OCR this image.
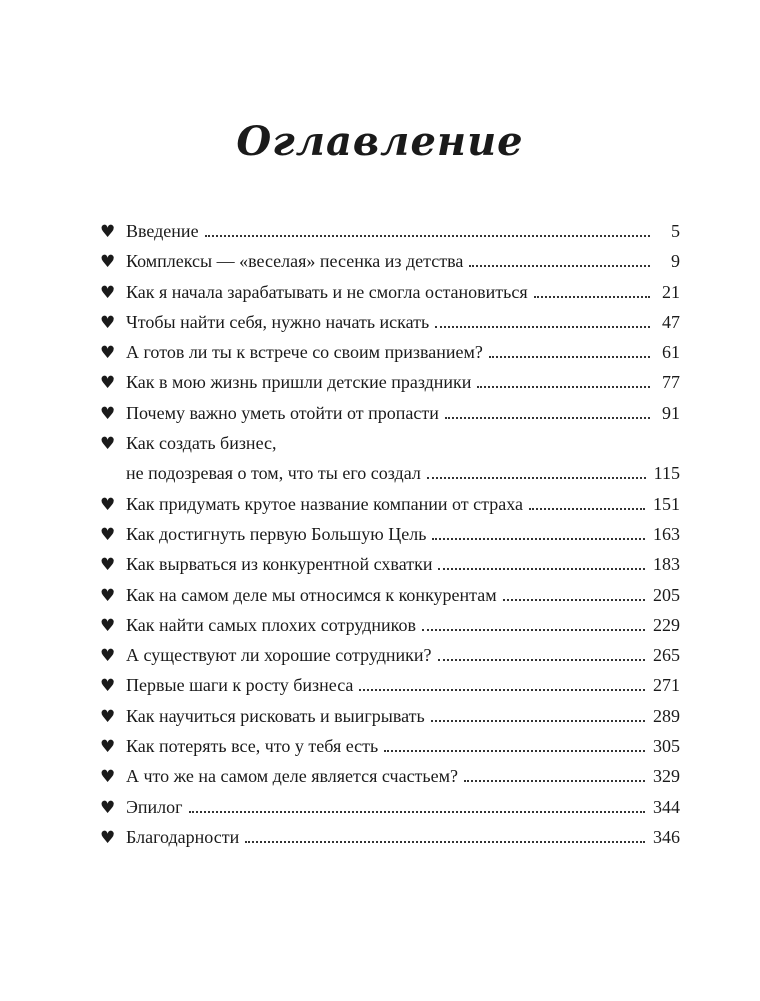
Оглавление
♥ Введение	5
♥ Комплексы — «веселая» песенка из детства	9
♥ Как я начала зарабатывать и не смогла остановиться	21
♥ Чтобы найти себя, нужно начать искать	47
♥ А готов ли ты к встрече со своим призванием?	61
♥ Как в мою жизнь пришли детские праздники	77
♥ Почему важно уметь отойти от пропасти	91
♥ Как создать бизнес,
не подозревая о том, что ты его создал	115
♥ Как придумать крутое название компании от страха	151
♥ Как достигнуть первую Большую Цель	163
♥ Как вырваться из конкурентной схватки	183
♥ Как на самом деле мы относимся к конкурентам	205
♥ Как найти самых плохих сотрудников	229
♥ А существуют ли хорошие сотрудники?	265
♥ Первые шаги к росту бизнеса	271
♥ Как научиться рисковать и выигрывать	289
♥ Как потерять все, что у тебя есть	305
♥ А что же на самом деле является счастьем?	329
♥ Эпилог	344
♥ Благодарности	346
